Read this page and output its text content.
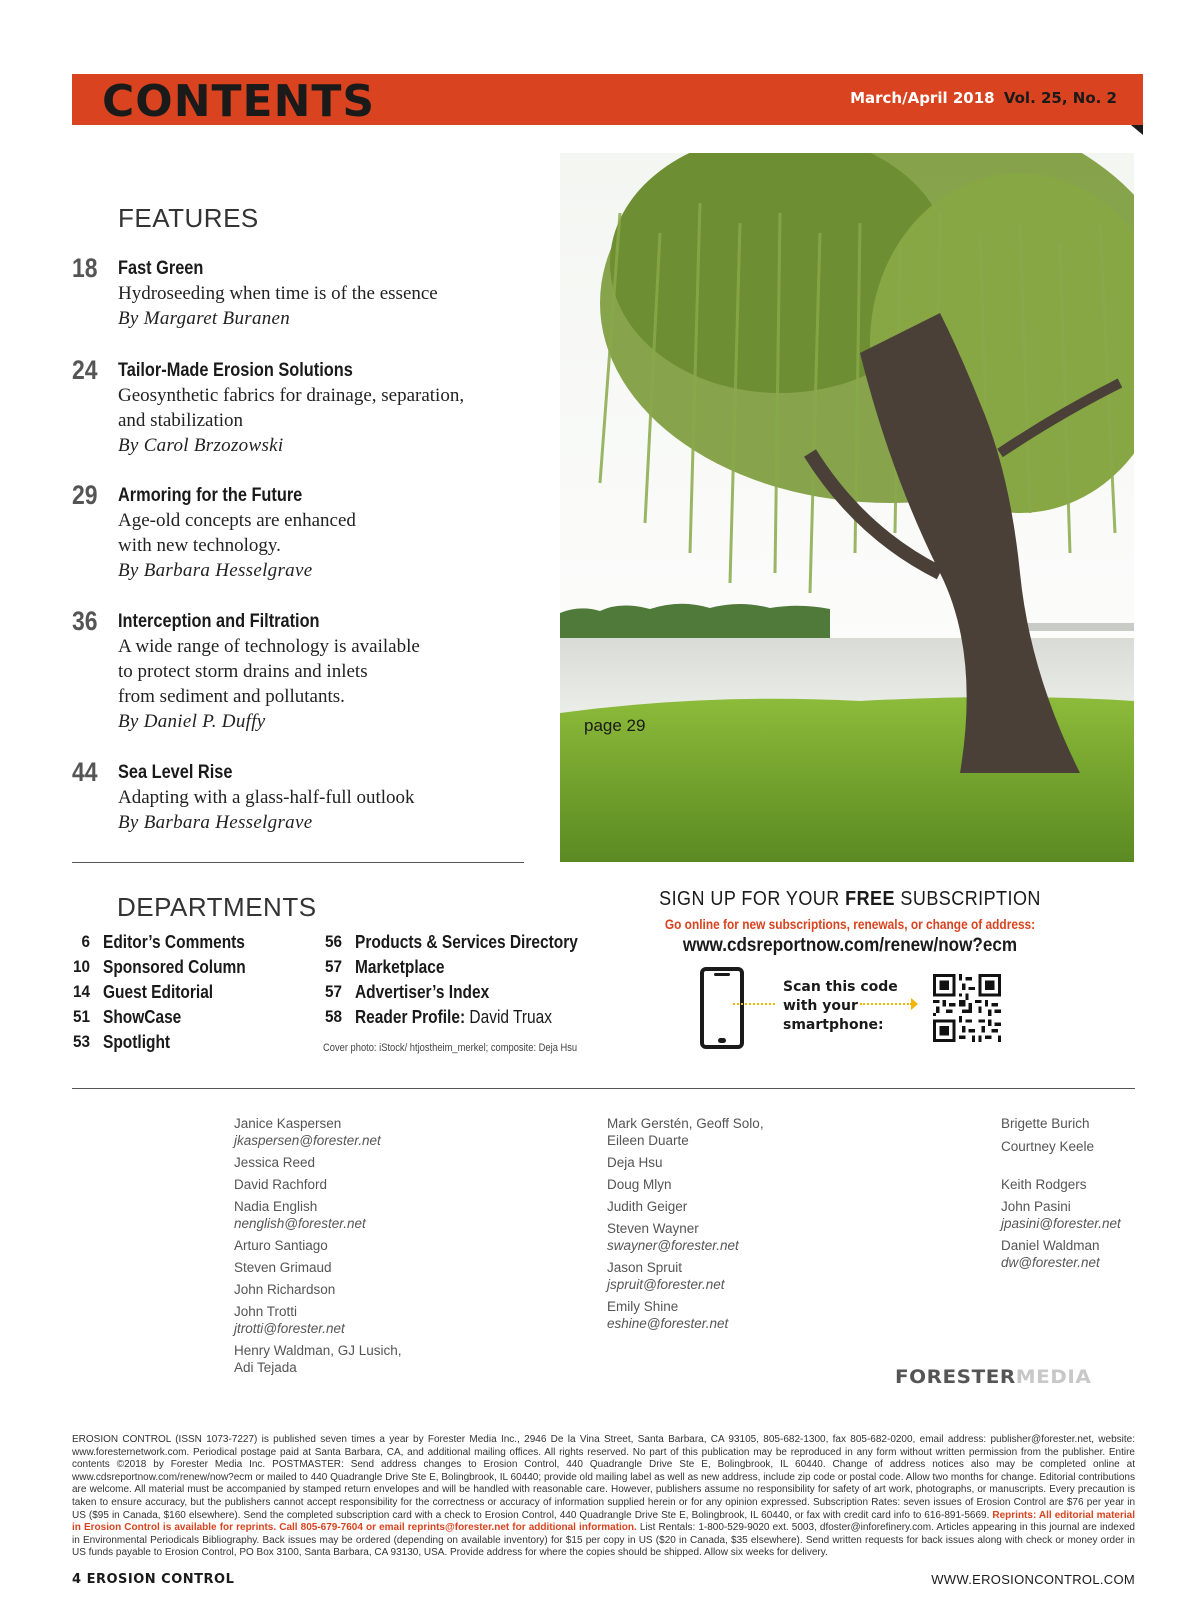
CONTENTS	March/April 2018 Vol. 25, No. 2
FEATURES
18 Fast Green
Hydroseeding when time is of the essence
By Margaret Buranen
24 Tailor-Made Erosion Solutions
Geosynthetic fabrics for drainage, separation,
and stabilization
By Carol Brzozowski
29 Armoring for the Future
Age-old concepts are enhanced
with new technology.
By Barbara Hesselgrave
36 Interception and Filtration
A wide range of technology is available
to protect storm drains and inlets
from sediment and pollutants.
By Daniel P. Duffy
44 Sea Level Rise
Adapting with a glass-half-full outlook
By Barbara Hesselgrave
page 29
DEPARTMENTS
6 Editor’s Comments
10 Sponsored Column
14 Guest Editorial
51 ShowCase
53 Spotlight
56 Products & Services Directory
57 Marketplace
57 Advertiser’s Index
58 Reader Profile: David Truax
Cover photo: iStock/ htjostheim_merkel; composite: Deja Hsu
SIGN UP FOR YOUR FREE SUBSCRIPTION
Go online for new subscriptions, renewals, or change of address:
www.cdsreportnow.com/renew/now?ecm
Scan this code
with your
smartphone:
Janice Kaspersen
jkaspersen@forester.net
Jessica Reed
David Rachford
Nadia English
nenglish@forester.net
Arturo Santiago
Steven Grimaud
John Richardson
John Trotti
jtrotti@forester.net
Henry Waldman, GJ Lusich,
Adi Tejada
Mark Gerstén, Geoff Solo,
Eileen Duarte
Deja Hsu
Doug Mlyn
Judith Geiger
Steven Wayner
swayner@forester.net
Jason Spruit
jspruit@forester.net
Emily Shine
eshine@forester.net
Brigette Burich
Courtney Keele
Keith Rodgers
John Pasini
jpasini@forester.net
Daniel Waldman
dw@forester.net
FORESTERMEDIA
EROSION CONTROL (ISSN 1073-7227) is published seven times a year by Forester Media Inc., 2946 De la Vina Street, Santa Barbara, CA 93105, 805-682-1300, fax 805-682-0200, email address: publisher@forester.net, website: www.foresternetwork.com. Periodical postage paid at Santa Barbara, CA, and additional mailing offices. All rights reserved. No part of this publication may be reproduced in any form without written permission from the publisher. Entire contents ©2018 by Forester Media Inc. POSTMASTER: Send address changes to Erosion Control, 440 Quadrangle Drive Ste E, Bolingbrook, IL 60440. Change of address notices also may be completed online at www.cdsreportnow.com/renew/now?ecm or mailed to 440 Quadrangle Drive Ste E, Bolingbrook, IL 60440; provide old mailing label as well as new address, include zip code or postal code. Allow two months for change. Editorial contributions are welcome. All material must be accompanied by stamped return envelopes and will be handled with reasonable care. However, publishers assume no responsibility for safety of art work, photographs, or manuscripts. Every precaution is taken to ensure accuracy, but the publishers cannot accept responsibility for the correctness or accuracy of information supplied herein or for any opinion expressed. Subscription Rates: seven issues of Erosion Control are $76 per year in US ($95 in Canada, $160 elsewhere). Send the completed subscription card with a check to Erosion Control, 440 Quadrangle Drive Ste E, Bolingbrook, IL 60440, or fax with credit card info to 616-891-5669. Reprints: All editorial material in Erosion Control is available for reprints. Call 805-679-7604 or email reprints@forester.net for additional information. List Rentals: 1-800-529-9020 ext. 5003, dfoster@inforefinery.com. Articles appearing in this journal are indexed in Environmental Periodicals Bibliography. Back issues may be ordered (depending on available inventory) for $15 per copy in US ($20 in Canada, $35 elsewhere). Send written requests for back issues along with check or money order in US funds payable to Erosion Control, PO Box 3100, Santa Barbara, CA 93130, USA. Provide address for where the copies should be shipped. Allow six weeks for delivery.
4 EROSION CONTROL	WWW.EROSIONCONTROL.COM
